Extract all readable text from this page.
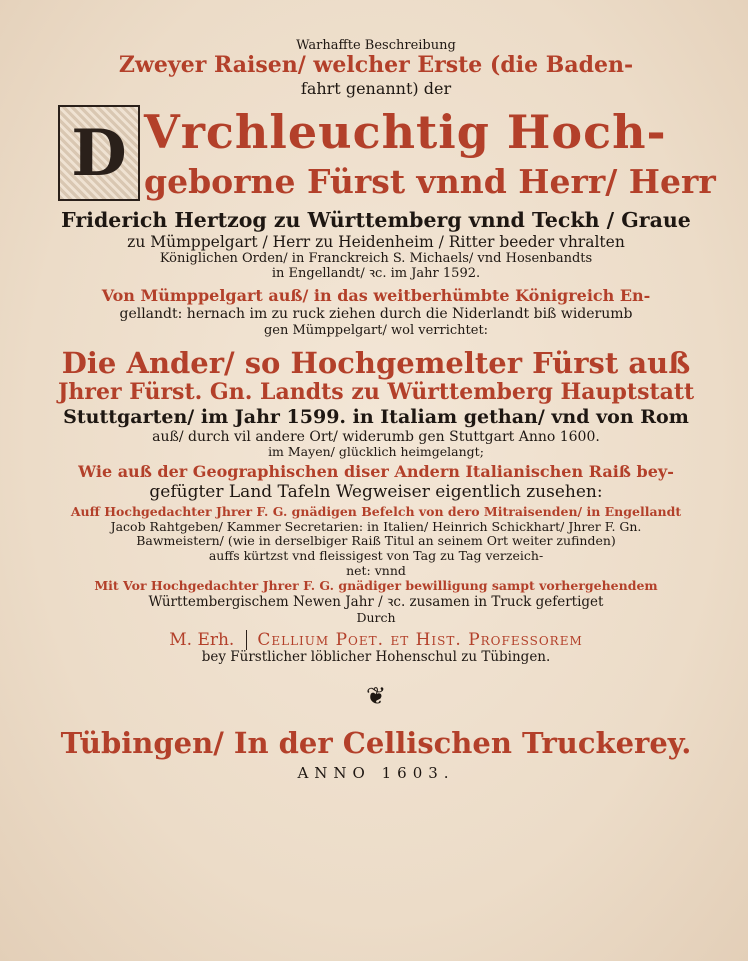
Warhaffte Beschreibung
Zweyer Raisen/ welcher Erste (die Baden-
fahrt genannt) der
D Vrchleuchtig Hoch-
geborne Fürst vnnd Herr/ Herr
Friderich Hertzog zu Württemberg vnnd Teckh / Graue
zu Mümppelgart / Herr zu Heidenheim / Ritter beeder vhralten
Königlichen Orden/ in Franckreich S. Michaels/ vnd Hosenbandts
in Engellandt/ ꝛc. im Jahr 1592.
Von Mümppelgart auß/ in das weitberhümbte Königreich En-
gellandt: hernach im zu ruck ziehen durch die Niderlandt biß widerumb
gen Mümppelgart/ wol verrichtet:
Die Ander/ so Hochgemelter Fürst auß
Jhrer Fürst. Gn. Landts zu Württemberg Hauptstatt
Stuttgarten/ im Jahr 1599. in Italiam gethan/ vnd von Rom
auß/ durch vil andere Ort/ widerumb gen Stuttgart Anno 1600.
im Mayen/ glücklich heimgelangt;
Wie auß der Geographischen diser Andern Italianischen Raiß bey-
gefügter Land Tafeln Wegweiser eigentlich zusehen:
Auff Hochgedachter Jhrer F. G. gnädigen Befelch von dero Mitraisenden/ in Engellandt
Jacob Rahtgeben/ Kammer Secretarien: in Italien/ Heinrich Schickhart/ Jhrer F. Gn.
Bawmeistern/ (wie in derselbiger Raiß Titul an seinem Ort weiter zufinden)
auffs kürtzst vnd fleissigest von Tag zu Tag verzeich-
net: vnnd
Mit Vor Hochgedachter Jhrer F. G. gnädiger bewilligung sampt vorhergehendem
Württembergischem Newen Jahr / ꝛc. zusamen in Truck gefertiget
Durch
M. Erh.	Cellium Poet. et Hist. Professorem
bey Fürstlicher löblicher Hohenschul zu Tübingen.
❦
Tübingen/ In der Cellischen Truckerey.
ANNO 1603.
